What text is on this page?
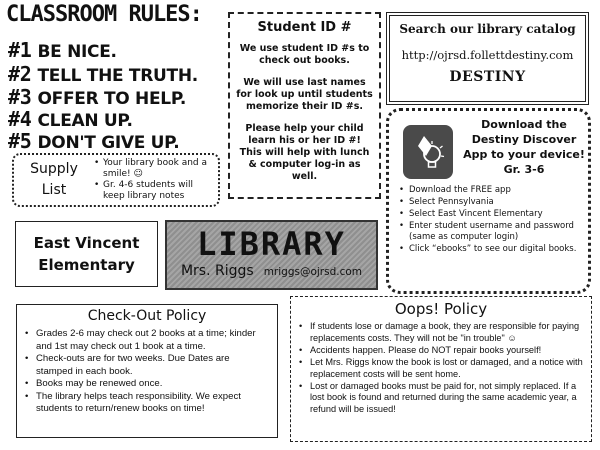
CLASSROOM RULES:
#1 BE NICE.
#2 TELL THE TRUTH.
#3 OFFER TO HELP.
#4 CLEAN UP.
#5 DON'T GIVE UP.
Supply
List
• Your library book and a smile! ☺
• Gr. 4-6 students will keep library notes
Student ID #

We use student ID #s to check out books.

We will use last names for look up until students memorize their ID #s.

Please help your child learn his or her ID #! This will help with lunch & computer log-in as well.

Search our library catalog
http://ojrsd.follettdestiny.com
DESTINY
Download the Destiny Discover App to your device! Gr. 3-6
• Download the FREE app
• Select Pennsylvania
• Select East Vincent Elementary
• Enter student username and password (same as computer login)
• Click “ebooks” to see our digital books.
East Vincent
Elementary
LIBRARY
Mrs. Riggs mriggs@ojrsd.com
Check-Out Policy
• Grades 2-6 may check out 2 books at a time; kinder and 1st may check out 1 book at a time.
• Check-outs are for two weeks. Due Dates are stamped in each book.
• Books may be renewed once.
• The library helps teach responsibility. We expect students to return/renew books on time!
Oops! Policy
• If students lose or damage a book, they are responsible for paying replacements costs. They will not be "in trouble" ☺
• Accidents happen. Please do NOT repair books yourself!
• Let Mrs. Riggs know the book is lost or damaged, and a notice with replacement costs will be sent home.
• Lost or damaged books must be paid for, not simply replaced. If a lost book is found and returned during the same academic year, a refund will be issued!
